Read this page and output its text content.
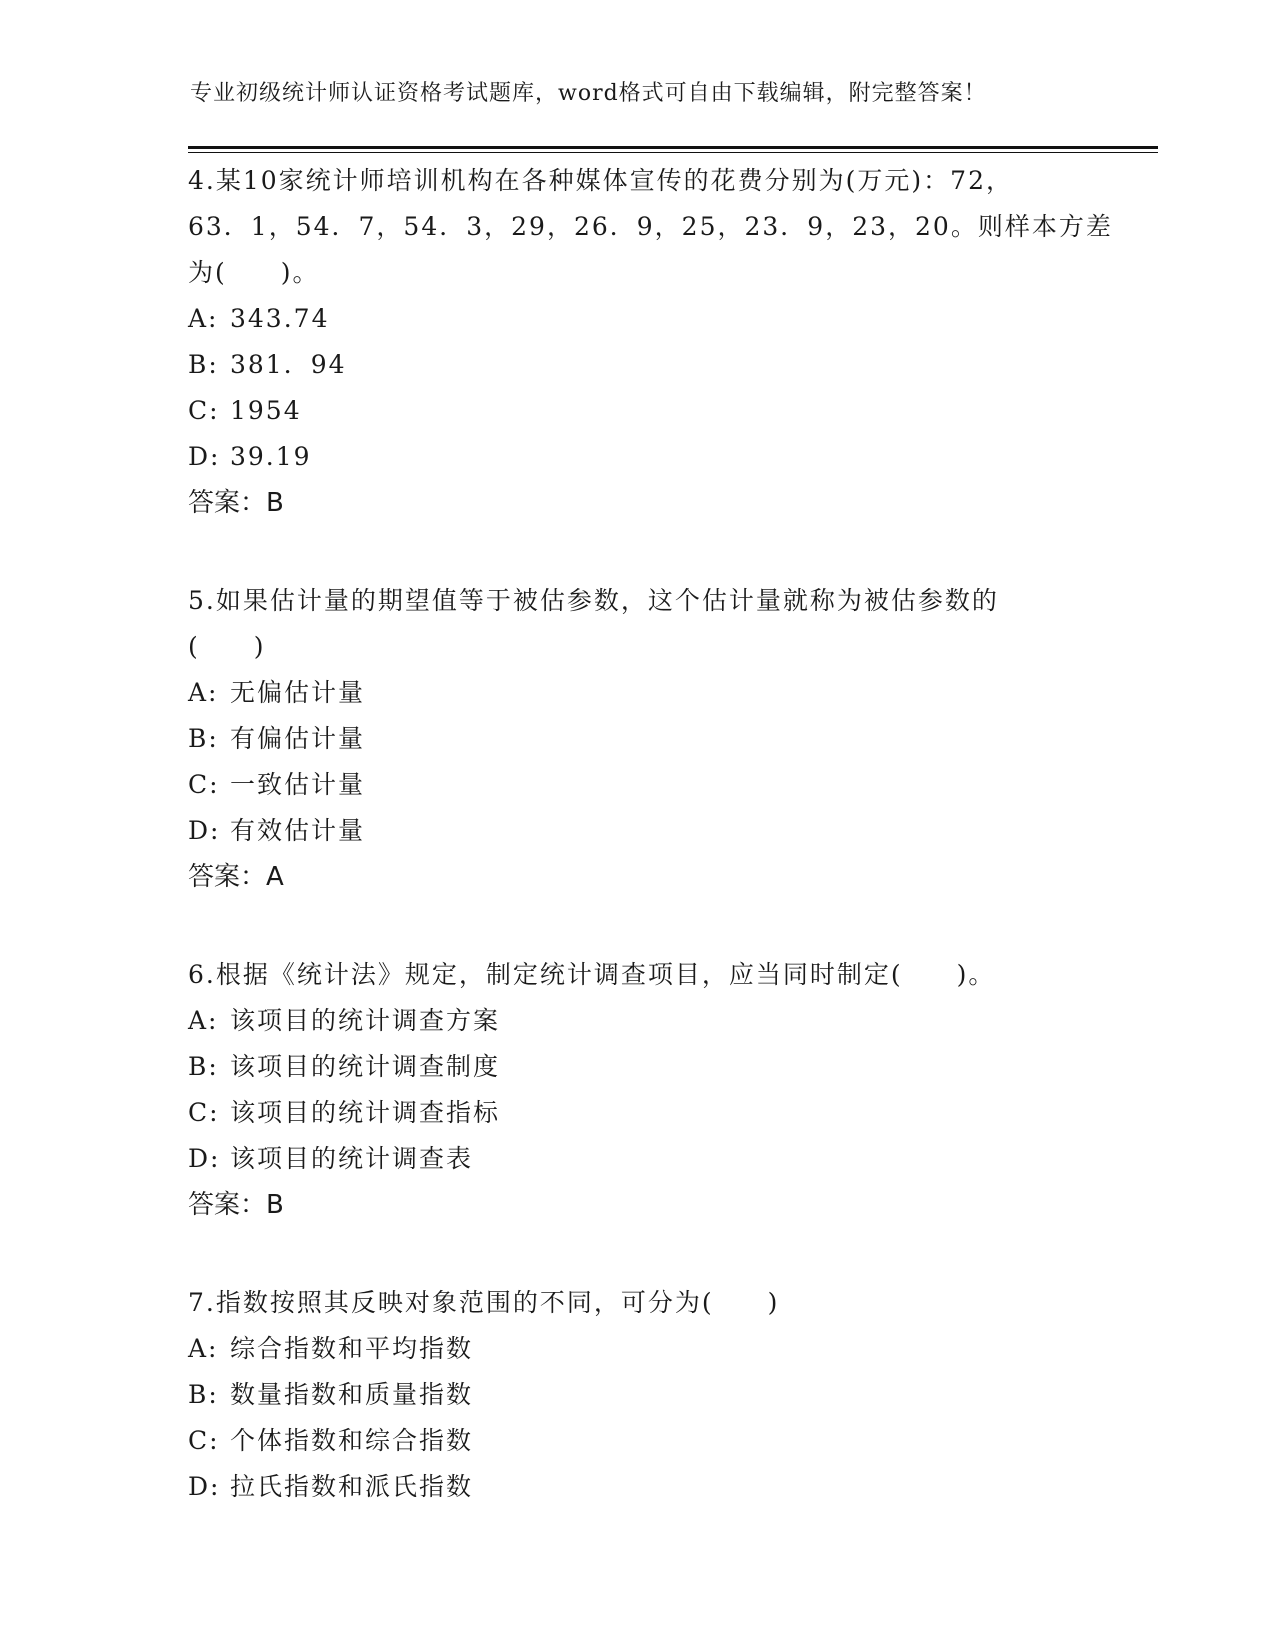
专业初级统计师认证资格考试题库，word格式可自由下载编辑，附完整答案！
4.某10家统计师培训机构在各种媒体宣传的花费分别为(万元)：72，
63．1，54．7，54．3，29，26．9，25，23．9，23，20。则样本方差
为(　　)。
A: 343.74
B: 381．94
C: 1954
D: 39.19
答案：B
5.如果估计量的期望值等于被估参数，这个估计量就称为被估参数的
(　　)
A: 无偏估计量
B: 有偏估计量
C: 一致估计量
D: 有效估计量
答案：A
6.根据《统计法》规定，制定统计调查项目，应当同时制定(　　)。
A: 该项目的统计调查方案
B: 该项目的统计调查制度
C: 该项目的统计调查指标
D: 该项目的统计调查表
答案：B
7.指数按照其反映对象范围的不同，可分为(　　)
A: 综合指数和平均指数
B: 数量指数和质量指数
C: 个体指数和综合指数
D: 拉氏指数和派氏指数
